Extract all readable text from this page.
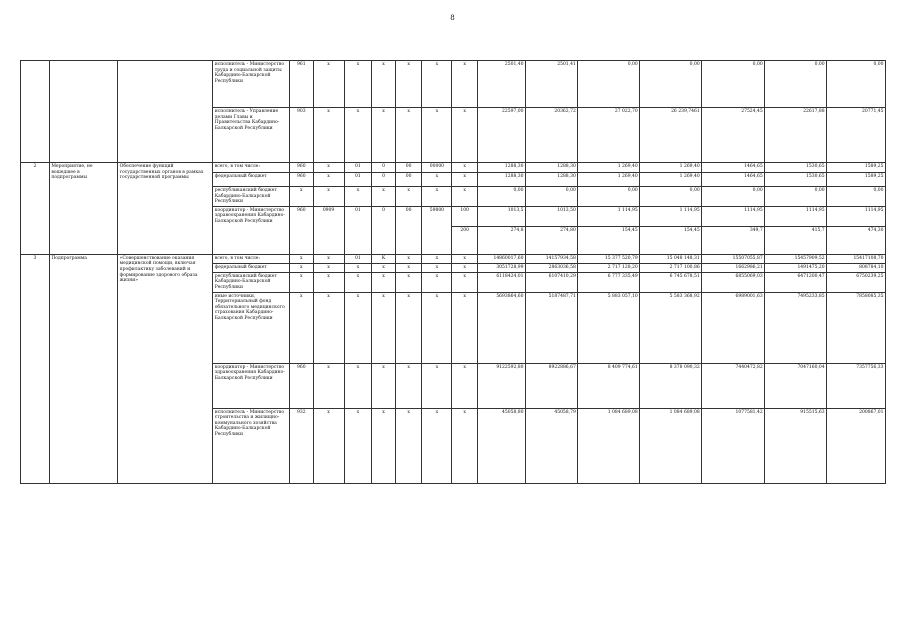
8
			исполнитель - Министерство труда и социальной защиты Кабардино-Балкарской Республики	961	x	x	x	x	x	x	2501,40	2501,41	0,00	0,00	0,00	0,00	0,00
			исполнитель - Управление делами Главы и Правительства Кабардино-Балкарской Республики	903	x	x	x	x	x	x	22597,00	20362,72	27 022,70	26 239,7461	27524,45	22617,88	20771,45
2	Мероприятие, не вошедшее в подпрограммы	Обеспечение функций государственных органов в рамках государственной программы	всего, в том числе:	960	x	01	0	00	00000	x	1288,30	1288,30	1 269,40	1 269,40	1464,65	1530,65	1589,25
			федеральный бюджет	960	x	01	0	00	x	x	1288,30	1288,30	1 269,40	1 269,40	1464,65	1530,65	1589,25
			республиканский бюджет Кабардино-Балкарской Республики	x	x	x	x	x	x	x	0,00	0,00	0,00	0,00	0,00	0,00	0,00
			координатор - Министерство здравоохранения Кабардино-Балкарской Республики	960	0909	01	0	00	59800	100	1013,5	1013,50	1 114,95	1 114,95	1114,95	1114,95	1114,95
										200	274,8	274,80	154,45	154,45	349,7	415,7	474,30
3	Подпрограмма	«Совершенствование оказания медицинской помощи, включая профилактику заболеваний и формирование здорового образа жизни»	всего, в том числе:	x	x	01	К	x	x	x	14860017,60	14157934,58	15 377 520,79	15 048 148,31	15507055,87	15457909,52	15417108,70
			федеральный бюджет	x	x	x	x	x	x	x	3051728,99	2863036,58	2 717 128,20	2 717 100,86	1662986,21	1491475,20	808784,10
			республиканский бюджет Кабардино-Балкарской Республики	x	x	x	x	x	x	x	6118424,01	6107410,29	6 777 335,49	6 745 678,51	6855069,03	6471200,47	6750239,25
			иные источники, Территориальный фонд обязательного медицинского страхования Кабардино-Балкарской Республики	x	x	x	x	x	x	x	5693864,60	5187487,71	5 883 057,10	5 583 368,92	6989001,63	7495233,85	7858085,35
			координатор - Министерство здравоохранения Кабардино-Балкарской Республики	960	x	x	x	x	x	x	9122592,80	8922886,67	8 409 774,61	8 378 090,32	7440472,82	7047160,04	7357756,33
			исполнитель - Министерство строительства и жилищно-коммунального хозяйства Кабардино-Балкарской Республики	932	x	x	x	x	x	x	45058,80	45058,79	1 084 689,08	1 084 689,08	1077581,42	915515,63	200867,01
